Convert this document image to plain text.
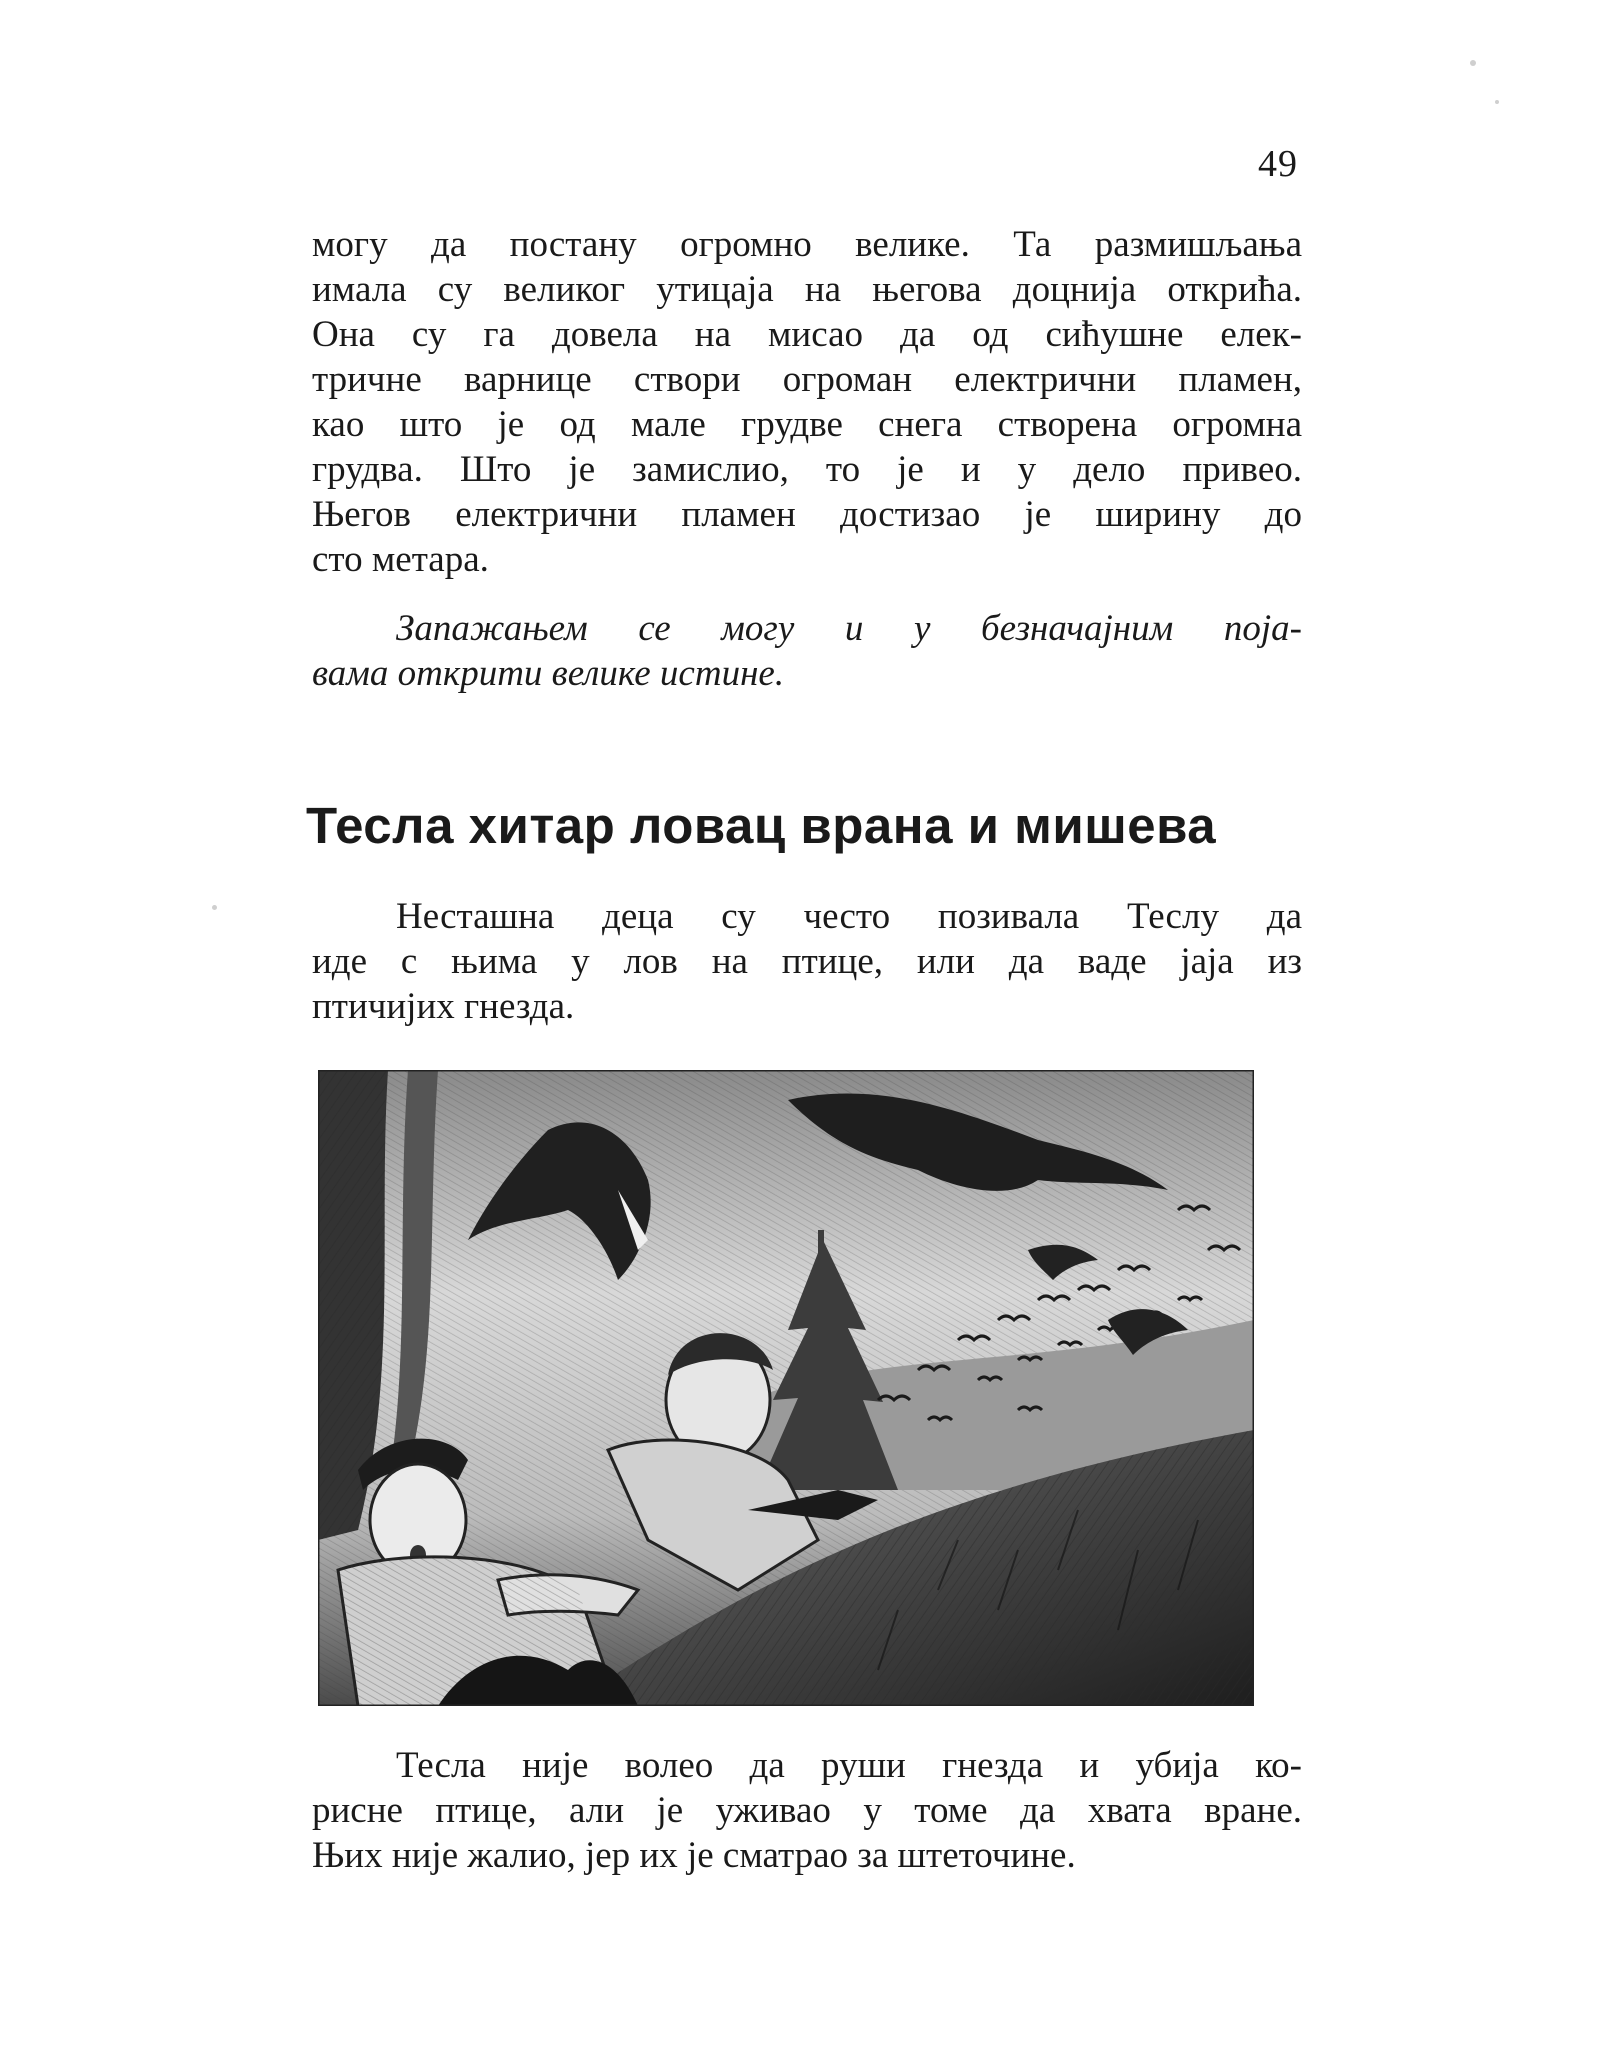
49
могу да постану огромно велике. Та размишљања
имала су великог утицаја на његова доцнија открића.
Она су га довела на мисао да од сићушне елек-
тричне варнице створи огроман електрични пламен,
као што је од мале грудве снега створена огромна
грудва. Што је замислио, то је и у дело привео.
Његов електрични пламен достизао је ширину до
сто метара.
Запажањем се могу и у безначајним поја-
вама открити велике истине.
Тесла хитар ловац врана и мишева
Несташна деца су често позивала Теслу да
иде с њима у лов на птице, или да ваде јаја из
птичијих гнезда.
Тесла није волео да руши гнезда и убија ко-
рисне птице, али је уживао у томе да хвата вране.
Њих није жалио, јер их је сматрао за штеточине.
